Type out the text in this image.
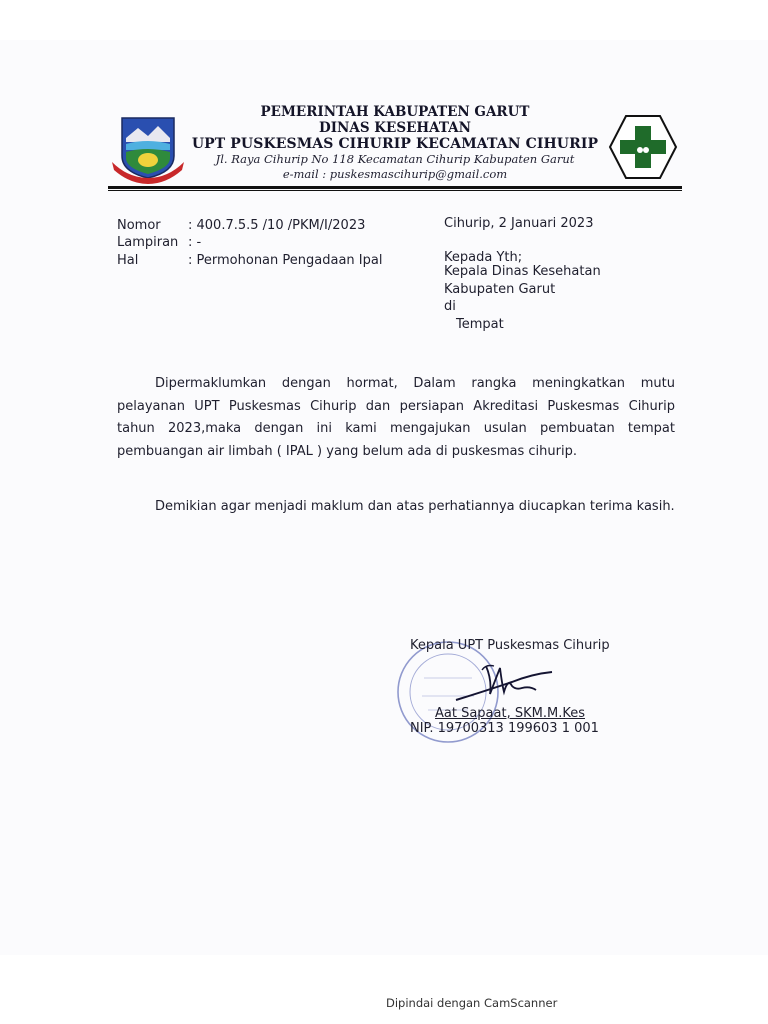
PEMERINTAH KABUPATEN GARUT
DINAS KESEHATAN
UPT PUSKESMAS CIHURIP KECAMATAN CIHURIP
Jl. Raya Cihurip No 118 Kecamatan Cihurip Kabupaten Garut
e-mail : puskesmascihurip@gmail.com
Nomor : 400.7.5.5 /10 /PKM/I/2023
Lampiran : -
Hal	: Permohonan Pengadaan Ipal
Cihurip, 2 Januari 2023
Kepada Yth;
Kepala Dinas Kesehatan
Kabupaten Garut
di
Tempat
Dipermaklumkan dengan hormat, Dalam rangka meningkatkan mutu pelayanan UPT Puskesmas Cihurip dan persiapan Akreditasi Puskesmas Cihurip tahun 2023,maka dengan ini kami mengajukan usulan pembuatan tempat pembuangan air limbah ( IPAL ) yang belum ada di puskesmas cihurip.
Demikian agar menjadi maklum dan atas perhatiannya diucapkan terima kasih.
Kepala UPT Puskesmas Cihurip
Aat Sapaat, SKM.M.Kes
NIP. 19700313 199603 1 001
Dipindai dengan CamScanner
